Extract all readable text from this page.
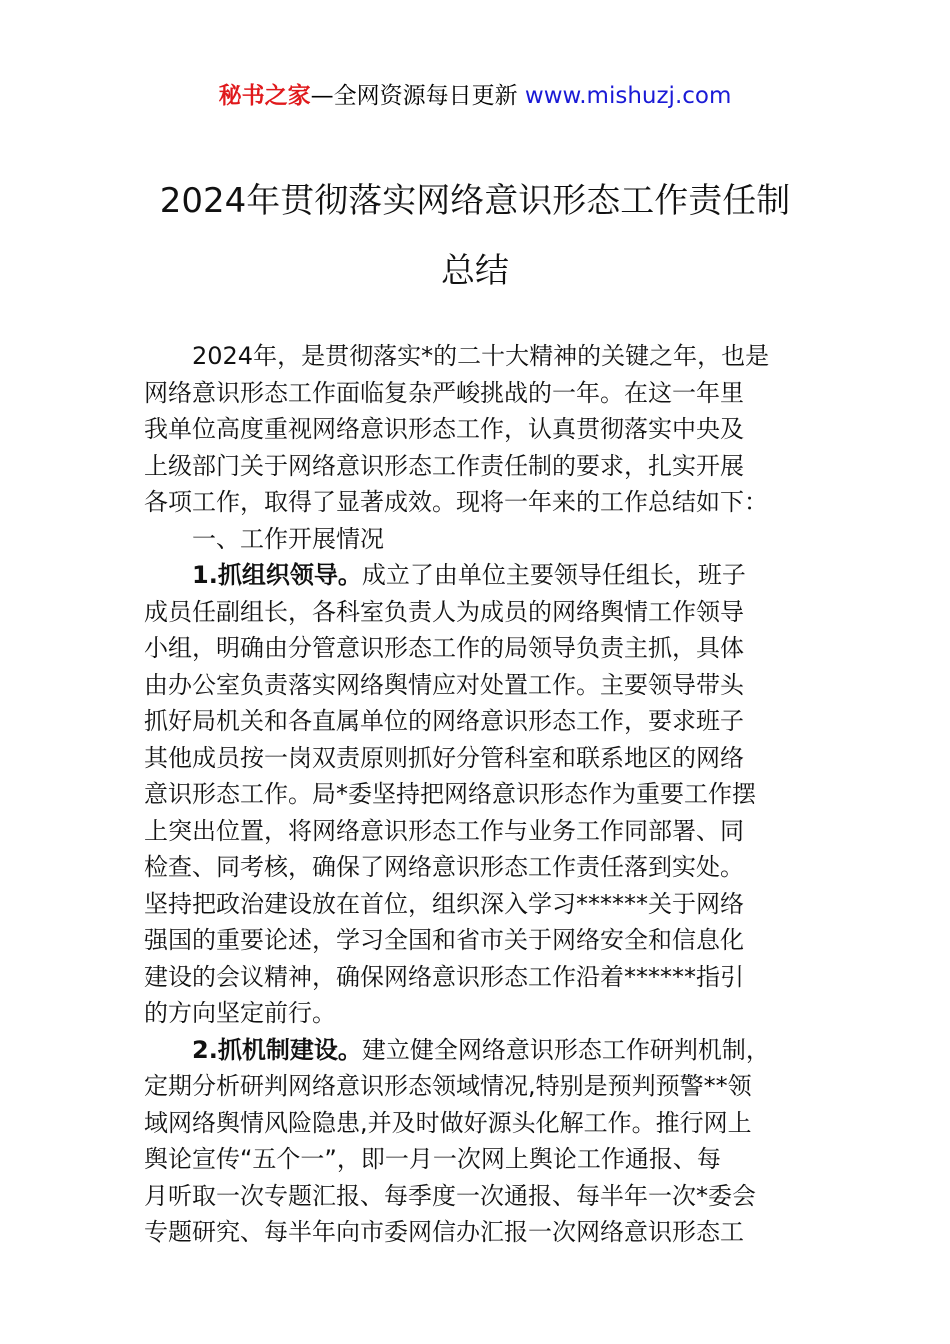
秘书之家—全网资源每日更新 www.mishuzj.com
2024年贯彻落实网络意识形态工作责任制
总结
2024年，是贯彻落实*的二十大精神的关键之年，也是
网络意识形态工作面临复杂严峻挑战的一年。在这一年里
我单位高度重视网络意识形态工作，认真贯彻落实中央及
上级部门关于网络意识形态工作责任制的要求，扎实开展
各项工作，取得了显著成效。现将一年来的工作总结如下：
一、工作开展情况
1.抓组织领导。成立了由单位主要领导任组长，班子
成员任副组长，各科室负责人为成员的网络舆情工作领导
小组，明确由分管意识形态工作的局领导负责主抓，具体
由办公室负责落实网络舆情应对处置工作。主要领导带头
抓好局机关和各直属单位的网络意识形态工作，要求班子
其他成员按一岗双责原则抓好分管科室和联系地区的网络
意识形态工作。局*委坚持把网络意识形态作为重要工作摆
上突出位置，将网络意识形态工作与业务工作同部署、同
检查、同考核，确保了网络意识形态工作责任落到实处。
坚持把政治建设放在首位，组织深入学习******关于网络
强国的重要论述，学习全国和省市关于网络安全和信息化
建设的会议精神，确保网络意识形态工作沿着******指引
的方向坚定前行。
2.抓机制建设。建立健全网络意识形态工作研判机制，
定期分析研判网络意识形态领域情况,特别是预判预警**领
域网络舆情风险隐患,并及时做好源头化解工作。推行网上
舆论宣传“五个一”，即一月一次网上舆论工作通报、每
月听取一次专题汇报、每季度一次通报、每半年一次*委会
专题研究、每半年向市委网信办汇报一次网络意识形态工
